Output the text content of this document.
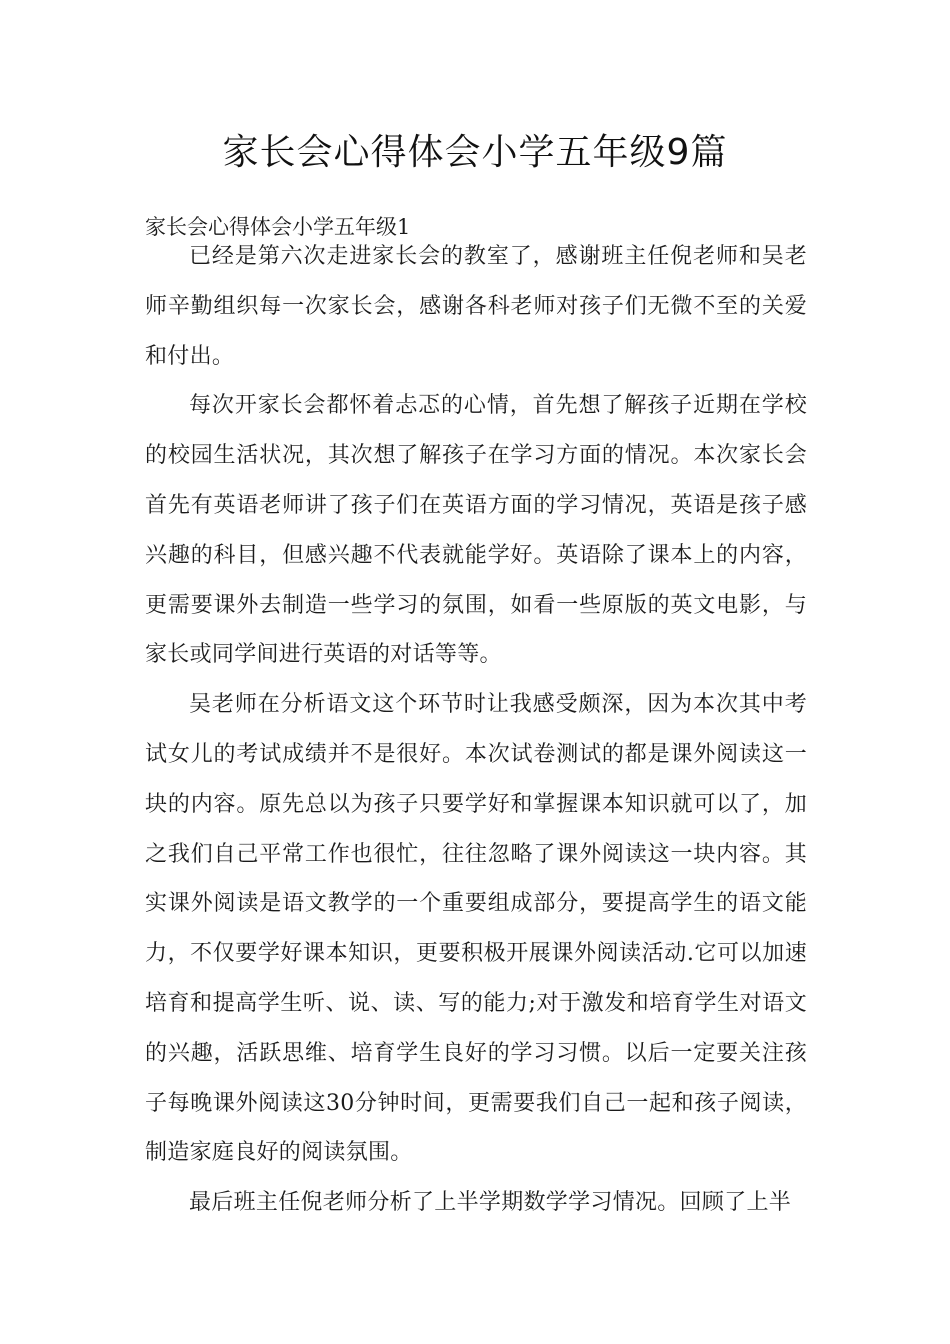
家长会心得体会小学五年级9篇
家长会心得体会小学五年级1

已经是第六次走进家长会的教室了，感谢班主任倪老师和吴老师辛勤组织每一次家长会，感谢各科老师对孩子们无微不至的关爱和付出。

每次开家长会都怀着忐忑的心情，首先想了解孩子近期在学校的校园生活状况，其次想了解孩子在学习方面的情况。本次家长会首先有英语老师讲了孩子们在英语方面的学习情况，英语是孩子感兴趣的科目，但感兴趣不代表就能学好。英语除了课本上的内容，更需要课外去制造一些学习的氛围，如看一些原版的英文电影，与家长或同学间进行英语的对话等等。

吴老师在分析语文这个环节时让我感受颇深，因为本次其中考试女儿的考试成绩并不是很好。本次试卷测试的都是课外阅读这一块的内容。原先总以为孩子只要学好和掌握课本知识就可以了，加之我们自己平常工作也很忙，往往忽略了课外阅读这一块内容。其实课外阅读是语文教学的一个重要组成部分，要提高学生的语文能力，不仅要学好课本知识，更要积极开展课外阅读活动.它可以加速培育和提高学生听、说、读、写的能力;对于激发和培育学生对语文的兴趣，活跃思维、培育学生良好的学习习惯。以后一定要关注孩子每晚课外阅读这30分钟时间，更需要我们自己一起和孩子阅读，制造家庭良好的阅读氛围。

最后班主任倪老师分析了上半学期数学学习情况。回顾了上半
